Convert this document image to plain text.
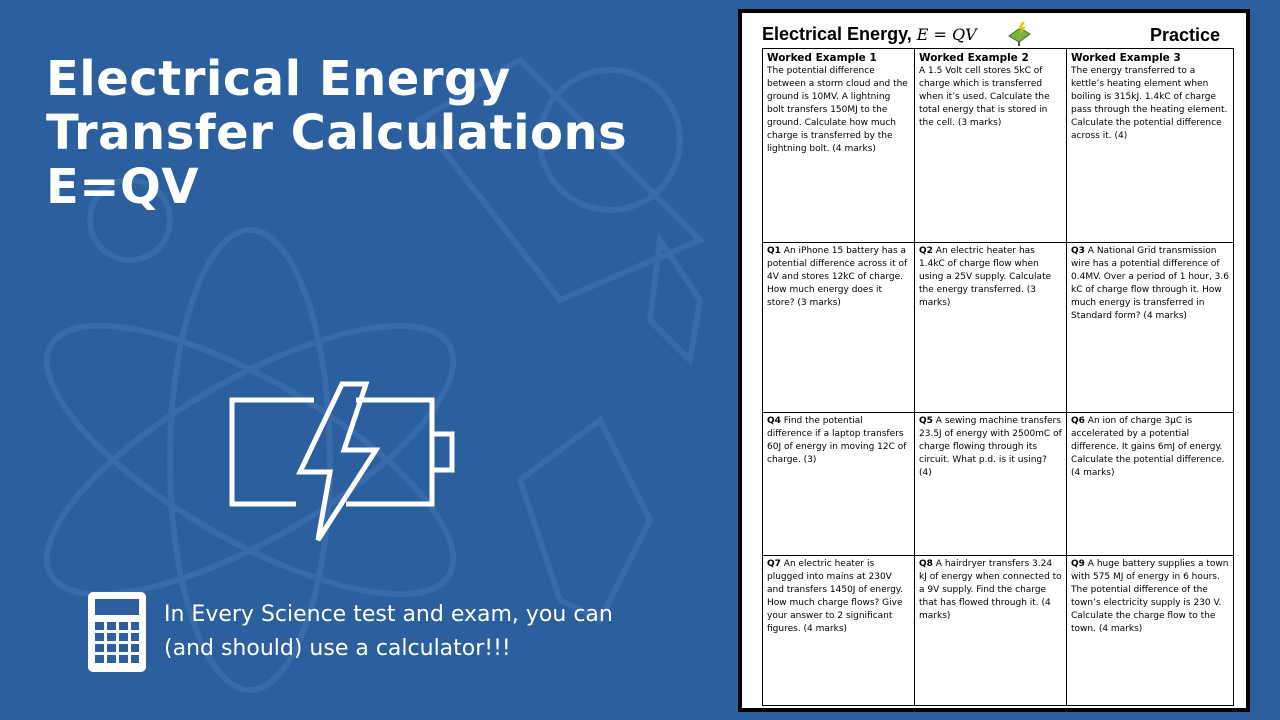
Electrical Energy
Transfer Calculations
E=QV
In Every Science test and exam, you can (and should) use a calculator!!!
Electrical Energy, E = QV	Practice
Worked Example 1
The potential difference between a storm cloud and the ground is 10MV. A lightning bolt transfers 150MJ to the ground. Calculate how much charge is transferred by the lightning bolt. (4 marks)
Worked Example 2
A 1.5 Volt cell stores 5kC of charge which is transferred when it’s used. Calculate the total energy that is stored in the cell. (3 marks)
Worked Example 3
The energy transferred to a kettle’s heating element when boiling is 315kJ. 1.4kC of charge pass through the heating element. Calculate the potential difference across it. (4)
Q1 An iPhone 15 battery has a potential difference across it of 4V and stores 12kC of charge. How much energy does it store? (3 marks)
Q2 An electric heater has 1.4kC of charge flow when using a 25V supply. Calculate the energy transferred. (3 marks)
Q3 A National Grid transmission wire has a potential difference of 0.4MV. Over a period of 1 hour, 3.6 kC of charge flow through it. How much energy is transferred in Standard form? (4 marks)
Q4 Find the potential difference if a laptop transfers 60J of energy in moving 12C of charge. (3)
Q5 A sewing machine transfers 23.5J of energy with 2500mC of charge flowing through its circuit. What p.d. is it using? (4)
Q6 An ion of charge 3µC is accelerated by a potential difference. It gains 6mJ of energy. Calculate the potential difference. (4 marks)
Q7 An electric heater is plugged into mains at 230V and transfers 1450J of energy. How much charge flows? Give your answer to 2 significant figures. (4 marks)
Q8 A hairdryer transfers 3.24 kJ of energy when connected to a 9V supply. Find the charge that has flowed through it. (4 marks)
Q9 A huge battery supplies a town with 575 MJ of energy in 6 hours. The potential difference of the town’s electricity supply is 230 V. Calculate the charge flow to the town. (4 marks)
